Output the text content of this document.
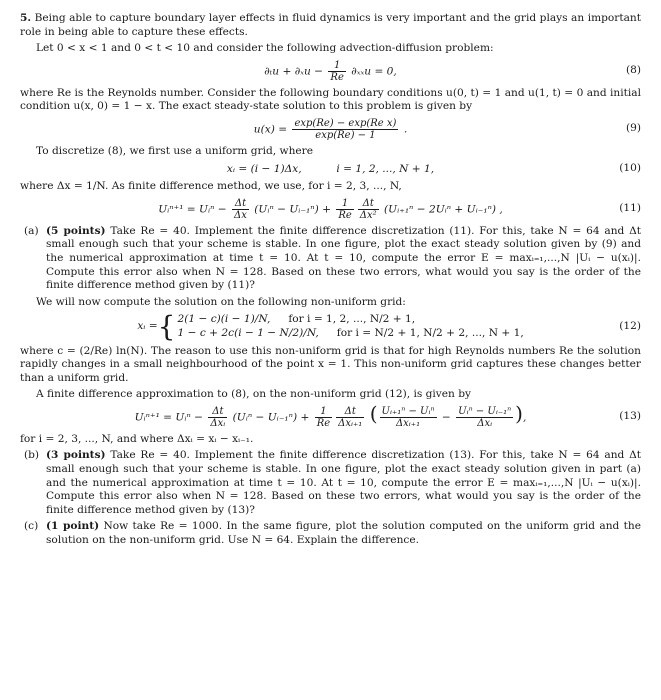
5. Being able to capture boundary layer effects in fluid dynamics is very important and the grid plays an important role in being able to capture these effects.

Let 0 < x < 1 and 0 < t < 10 and consider the following advection-diffusion problem:

$\partial_tu + \partial_xu - \frac{1}{Re} \partial_{xx}u = 0$,	(8)

where Re is the Reynolds number. Consider the following boundary conditions u(0, t) = 1 and u(1, t) = 0 and initial condition u(x, 0) = 1 − x. The exact steady-state solution to this problem is given by

$u(x) = \frac{\text{exp(Re) − exp(Re x)}}{\exp(Re) - 1}$ .	(9)

To discretize (8), we first use a uniform grid, where

xᵢ = (i − 1)Δx,	i = 1, 2, ..., N + 1,	(10)

where Δx = 1/N. As finite difference method, we use, for i = 2, 3, ..., N,

Uᵢⁿ⁺¹ = Uᵢⁿ − $\frac{\Delta t}{\Delta x}$ (Uᵢⁿ − Uᵢ₋₁ⁿ) + $\frac{1}{Re} \frac{\Delta t}{\text{Δx²}}$ (Uᵢ₊₁ⁿ − 2Uᵢⁿ + Uᵢ₋₁ⁿ) ,	(11)
(a) (5 points) Take Re = 40. Implement the finite difference discretization (11). For this, take N = 64 and Δt small enough such that your scheme is stable. In one figure, plot the exact steady solution given by (9) and the numerical approximation at time t = 10. At t = 10, compute the error E = maxᵢ₌₁,...,N |Uᵢ − u(xᵢ)|. Compute this error also when N = 128. Based on these two errors, what would you say is the order of the finite difference method given by (11)?

We will now compute the solution on the following non-uniform grid:

xᵢ = { 2(1 − c)(i − 1)/N, for i = 1, 2, ..., N/2 + 1,
1 − c + 2c(i − 1 − N/2)/N, for i = N/2 + 1, N/2 + 2, ..., N + 1,
(12)

where c = (2/Re) ln(N). The reason to use this non-uniform grid is that for high Reynolds numbers Re the solution rapidly changes in a small neighbourhood of the point x = 1. This non-uniform grid captures these changes better than a uniform grid.

A finite difference approximation to (8), on the non-uniform grid (12), is given by

Uᵢⁿ⁺¹ = Uᵢⁿ − $\frac{\Delta t}{\text{Δxᵢ}}$ (Uᵢⁿ − Uᵢ₋₁ⁿ) + $\frac{1}{Re} \frac{\Delta t}{\text{Δxᵢ₊₁}}$ ( $\frac{\text{Uᵢ₊₁ⁿ − Uᵢⁿ}}{\text{Δxᵢ₊₁}} - \frac{\text{Uᵢⁿ − Uᵢ₋₁ⁿ}}{\text{Δxᵢ}}$ ),	(13)

for i = 2, 3, ..., N, and where Δxᵢ = xᵢ − xᵢ₋₁.

(b) (3 points) Take Re = 40. Implement the finite difference discretization (13). For this, take N = 64 and Δt small enough such that your scheme is stable. In one figure, plot the exact steady solution given in part (a) and the numerical approximation at time t = 10. At t = 10, compute the error E = maxᵢ₌₁,...,N |Uᵢ − u(xᵢ)|. Compute this error also when N = 128. Based on these two errors, what would you say is the order of the finite difference method given by (13)?
(c) (1 point) Now take Re = 1000. In the same figure, plot the solution computed on the uniform grid and the solution on the non-uniform grid. Use N = 64. Explain the difference.
